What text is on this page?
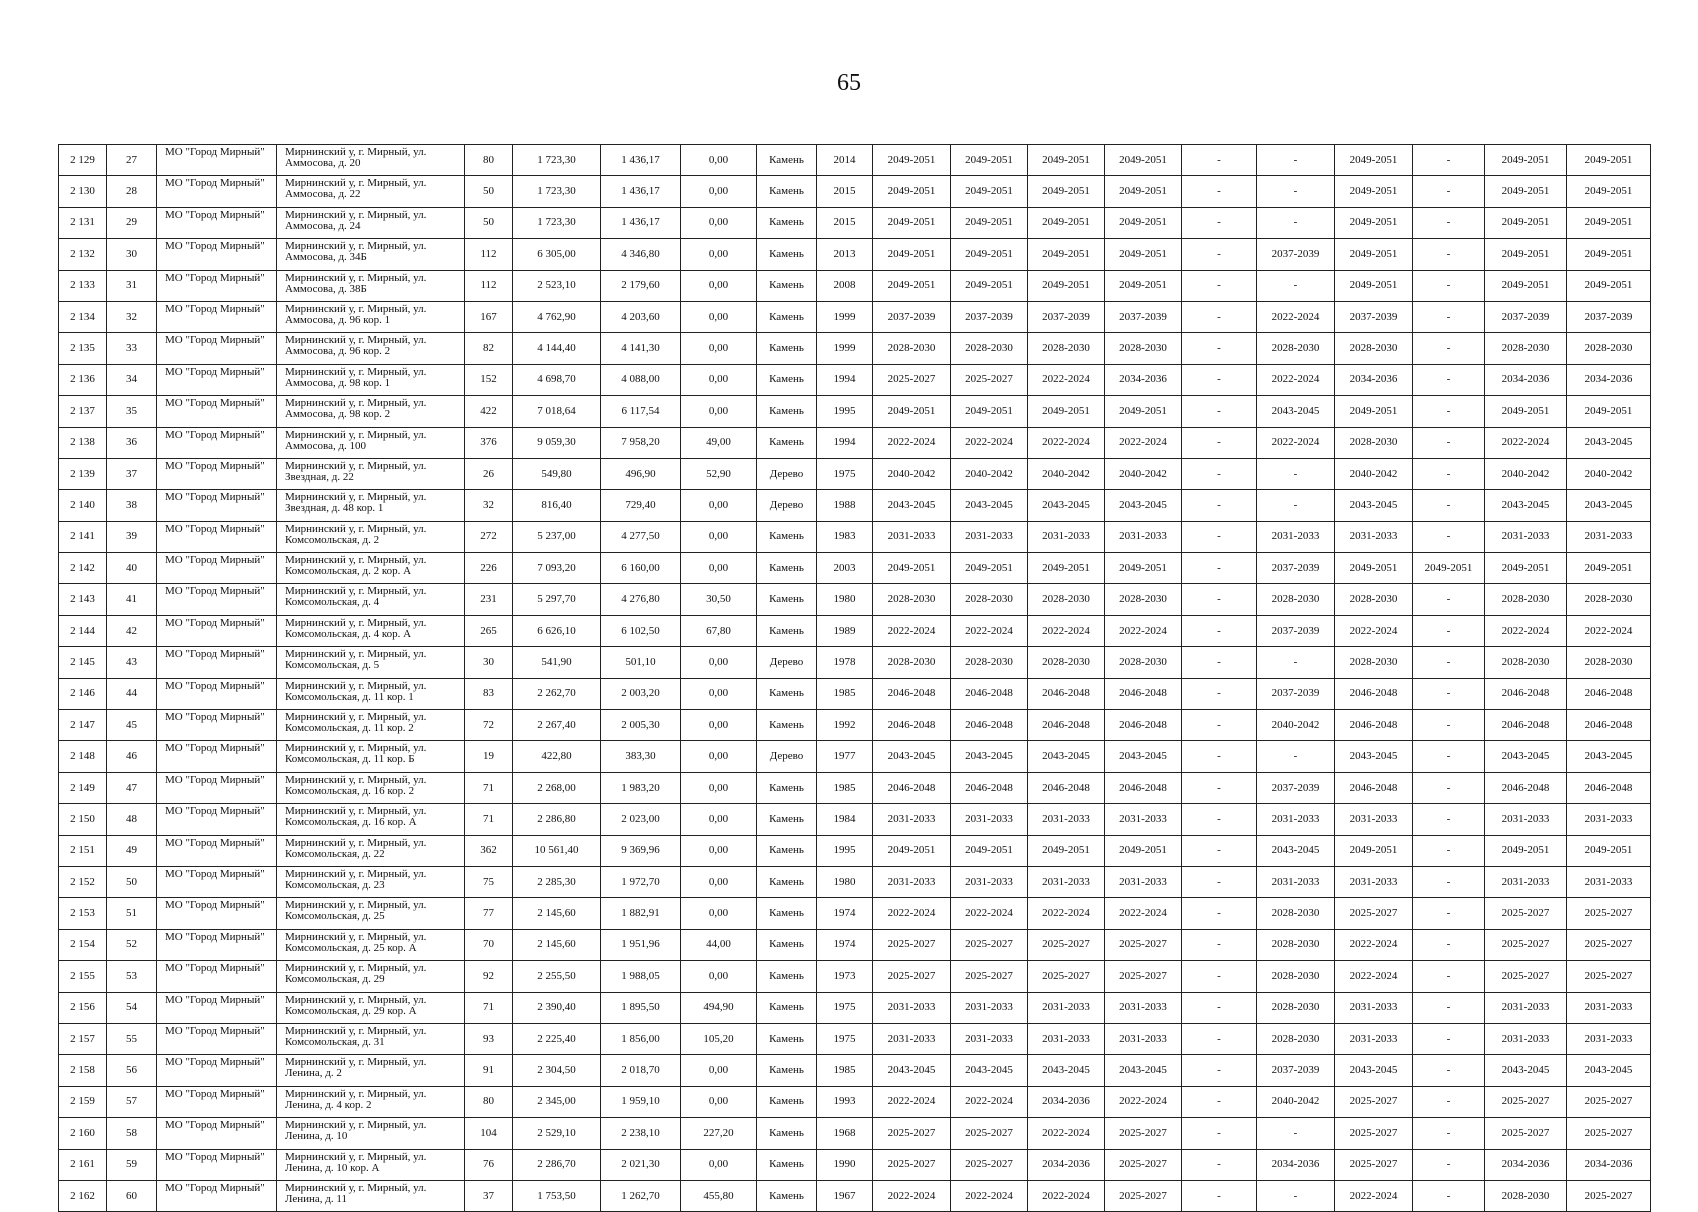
65
2 129	27	МО "Город Мирный"	Мирнинский у, г. Мирный, ул. Аммосова, д. 20	80	1 723,30	1 436,17	0,00	Камень	2014	2049-2051	2049-2051	2049-2051	2049-2051	-	-	2049-2051	-	2049-2051	2049-2051
2 130	28	МО "Город Мирный"	Мирнинский у, г. Мирный, ул. Аммосова, д. 22	50	1 723,30	1 436,17	0,00	Камень	2015	2049-2051	2049-2051	2049-2051	2049-2051	-	-	2049-2051	-	2049-2051	2049-2051
2 131	29	МО "Город Мирный"	Мирнинский у, г. Мирный, ул. Аммосова, д. 24	50	1 723,30	1 436,17	0,00	Камень	2015	2049-2051	2049-2051	2049-2051	2049-2051	-	-	2049-2051	-	2049-2051	2049-2051
2 132	30	МО "Город Мирный"	Мирнинский у, г. Мирный, ул. Аммосова, д. 34Б	112	6 305,00	4 346,80	0,00	Камень	2013	2049-2051	2049-2051	2049-2051	2049-2051	-	2037-2039	2049-2051	-	2049-2051	2049-2051
2 133	31	МО "Город Мирный"	Мирнинский у, г. Мирный, ул. Аммосова, д. 38Б	112	2 523,10	2 179,60	0,00	Камень	2008	2049-2051	2049-2051	2049-2051	2049-2051	-	-	2049-2051	-	2049-2051	2049-2051
2 134	32	МО "Город Мирный"	Мирнинский у, г. Мирный, ул. Аммосова, д. 96 кор. 1	167	4 762,90	4 203,60	0,00	Камень	1999	2037-2039	2037-2039	2037-2039	2037-2039	-	2022-2024	2037-2039	-	2037-2039	2037-2039
2 135	33	МО "Город Мирный"	Мирнинский у, г. Мирный, ул. Аммосова, д. 96 кор. 2	82	4 144,40	4 141,30	0,00	Камень	1999	2028-2030	2028-2030	2028-2030	2028-2030	-	2028-2030	2028-2030	-	2028-2030	2028-2030
2 136	34	МО "Город Мирный"	Мирнинский у, г. Мирный, ул. Аммосова, д. 98 кор. 1	152	4 698,70	4 088,00	0,00	Камень	1994	2025-2027	2025-2027	2022-2024	2034-2036	-	2022-2024	2034-2036	-	2034-2036	2034-2036
2 137	35	МО "Город Мирный"	Мирнинский у, г. Мирный, ул. Аммосова, д. 98 кор. 2	422	7 018,64	6 117,54	0,00	Камень	1995	2049-2051	2049-2051	2049-2051	2049-2051	-	2043-2045	2049-2051	-	2049-2051	2049-2051
2 138	36	МО "Город Мирный"	Мирнинский у, г. Мирный, ул. Аммосова, д. 100	376	9 059,30	7 958,20	49,00	Камень	1994	2022-2024	2022-2024	2022-2024	2022-2024	-	2022-2024	2028-2030	-	2022-2024	2043-2045
2 139	37	МО "Город Мирный"	Мирнинский у, г. Мирный, ул. Звездная, д. 22	26	549,80	496,90	52,90	Дерево	1975	2040-2042	2040-2042	2040-2042	2040-2042	-	-	2040-2042	-	2040-2042	2040-2042
2 140	38	МО "Город Мирный"	Мирнинский у, г. Мирный, ул. Звездная, д. 48 кор. 1	32	816,40	729,40	0,00	Дерево	1988	2043-2045	2043-2045	2043-2045	2043-2045	-	-	2043-2045	-	2043-2045	2043-2045
2 141	39	МО "Город Мирный"	Мирнинский у, г. Мирный, ул. Комсомольская, д. 2	272	5 237,00	4 277,50	0,00	Камень	1983	2031-2033	2031-2033	2031-2033	2031-2033	-	2031-2033	2031-2033	-	2031-2033	2031-2033
2 142	40	МО "Город Мирный"	Мирнинский у, г. Мирный, ул. Комсомольская, д. 2 кор. А	226	7 093,20	6 160,00	0,00	Камень	2003	2049-2051	2049-2051	2049-2051	2049-2051	-	2037-2039	2049-2051	2049-2051	2049-2051	2049-2051
2 143	41	МО "Город Мирный"	Мирнинский у, г. Мирный, ул. Комсомольская, д. 4	231	5 297,70	4 276,80	30,50	Камень	1980	2028-2030	2028-2030	2028-2030	2028-2030	-	2028-2030	2028-2030	-	2028-2030	2028-2030
2 144	42	МО "Город Мирный"	Мирнинский у, г. Мирный, ул. Комсомольская, д. 4 кор. А	265	6 626,10	6 102,50	67,80	Камень	1989	2022-2024	2022-2024	2022-2024	2022-2024	-	2037-2039	2022-2024	-	2022-2024	2022-2024
2 145	43	МО "Город Мирный"	Мирнинский у, г. Мирный, ул. Комсомольская, д. 5	30	541,90	501,10	0,00	Дерево	1978	2028-2030	2028-2030	2028-2030	2028-2030	-	-	2028-2030	-	2028-2030	2028-2030
2 146	44	МО "Город Мирный"	Мирнинский у, г. Мирный, ул. Комсомольская, д. 11 кор. 1	83	2 262,70	2 003,20	0,00	Камень	1985	2046-2048	2046-2048	2046-2048	2046-2048	-	2037-2039	2046-2048	-	2046-2048	2046-2048
2 147	45	МО "Город Мирный"	Мирнинский у, г. Мирный, ул. Комсомольская, д. 11 кор. 2	72	2 267,40	2 005,30	0,00	Камень	1992	2046-2048	2046-2048	2046-2048	2046-2048	-	2040-2042	2046-2048	-	2046-2048	2046-2048
2 148	46	МО "Город Мирный"	Мирнинский у, г. Мирный, ул. Комсомольская, д. 11 кор. Б	19	422,80	383,30	0,00	Дерево	1977	2043-2045	2043-2045	2043-2045	2043-2045	-	-	2043-2045	-	2043-2045	2043-2045
2 149	47	МО "Город Мирный"	Мирнинский у, г. Мирный, ул. Комсомольская, д. 16 кор. 2	71	2 268,00	1 983,20	0,00	Камень	1985	2046-2048	2046-2048	2046-2048	2046-2048	-	2037-2039	2046-2048	-	2046-2048	2046-2048
2 150	48	МО "Город Мирный"	Мирнинский у, г. Мирный, ул. Комсомольская, д. 16 кор. А	71	2 286,80	2 023,00	0,00	Камень	1984	2031-2033	2031-2033	2031-2033	2031-2033	-	2031-2033	2031-2033	-	2031-2033	2031-2033
2 151	49	МО "Город Мирный"	Мирнинский у, г. Мирный, ул. Комсомольская, д. 22	362	10 561,40	9 369,96	0,00	Камень	1995	2049-2051	2049-2051	2049-2051	2049-2051	-	2043-2045	2049-2051	-	2049-2051	2049-2051
2 152	50	МО "Город Мирный"	Мирнинский у, г. Мирный, ул. Комсомольская, д. 23	75	2 285,30	1 972,70	0,00	Камень	1980	2031-2033	2031-2033	2031-2033	2031-2033	-	2031-2033	2031-2033	-	2031-2033	2031-2033
2 153	51	МО "Город Мирный"	Мирнинский у, г. Мирный, ул. Комсомольская, д. 25	77	2 145,60	1 882,91	0,00	Камень	1974	2022-2024	2022-2024	2022-2024	2022-2024	-	2028-2030	2025-2027	-	2025-2027	2025-2027
2 154	52	МО "Город Мирный"	Мирнинский у, г. Мирный, ул. Комсомольская, д. 25 кор. А	70	2 145,60	1 951,96	44,00	Камень	1974	2025-2027	2025-2027	2025-2027	2025-2027	-	2028-2030	2022-2024	-	2025-2027	2025-2027
2 155	53	МО "Город Мирный"	Мирнинский у, г. Мирный, ул. Комсомольская, д. 29	92	2 255,50	1 988,05	0,00	Камень	1973	2025-2027	2025-2027	2025-2027	2025-2027	-	2028-2030	2022-2024	-	2025-2027	2025-2027
2 156	54	МО "Город Мирный"	Мирнинский у, г. Мирный, ул. Комсомольская, д. 29 кор. А	71	2 390,40	1 895,50	494,90	Камень	1975	2031-2033	2031-2033	2031-2033	2031-2033	-	2028-2030	2031-2033	-	2031-2033	2031-2033
2 157	55	МО "Город Мирный"	Мирнинский у, г. Мирный, ул. Комсомольская, д. 31	93	2 225,40	1 856,00	105,20	Камень	1975	2031-2033	2031-2033	2031-2033	2031-2033	-	2028-2030	2031-2033	-	2031-2033	2031-2033
2 158	56	МО "Город Мирный"	Мирнинский у, г. Мирный, ул. Ленина, д. 2	91	2 304,50	2 018,70	0,00	Камень	1985	2043-2045	2043-2045	2043-2045	2043-2045	-	2037-2039	2043-2045	-	2043-2045	2043-2045
2 159	57	МО "Город Мирный"	Мирнинский у, г. Мирный, ул. Ленина, д. 4 кор. 2	80	2 345,00	1 959,10	0,00	Камень	1993	2022-2024	2022-2024	2034-2036	2022-2024	-	2040-2042	2025-2027	-	2025-2027	2025-2027
2 160	58	МО "Город Мирный"	Мирнинский у, г. Мирный, ул. Ленина, д. 10	104	2 529,10	2 238,10	227,20	Камень	1968	2025-2027	2025-2027	2022-2024	2025-2027	-	-	2025-2027	-	2025-2027	2025-2027
2 161	59	МО "Город Мирный"	Мирнинский у, г. Мирный, ул. Ленина, д. 10 кор. А	76	2 286,70	2 021,30	0,00	Камень	1990	2025-2027	2025-2027	2034-2036	2025-2027	-	2034-2036	2025-2027	-	2034-2036	2034-2036
2 162	60	МО "Город Мирный"	Мирнинский у, г. Мирный, ул. Ленина, д. 11	37	1 753,50	1 262,70	455,80	Камень	1967	2022-2024	2022-2024	2022-2024	2025-2027	-	-	2022-2024	-	2028-2030	2025-2027
